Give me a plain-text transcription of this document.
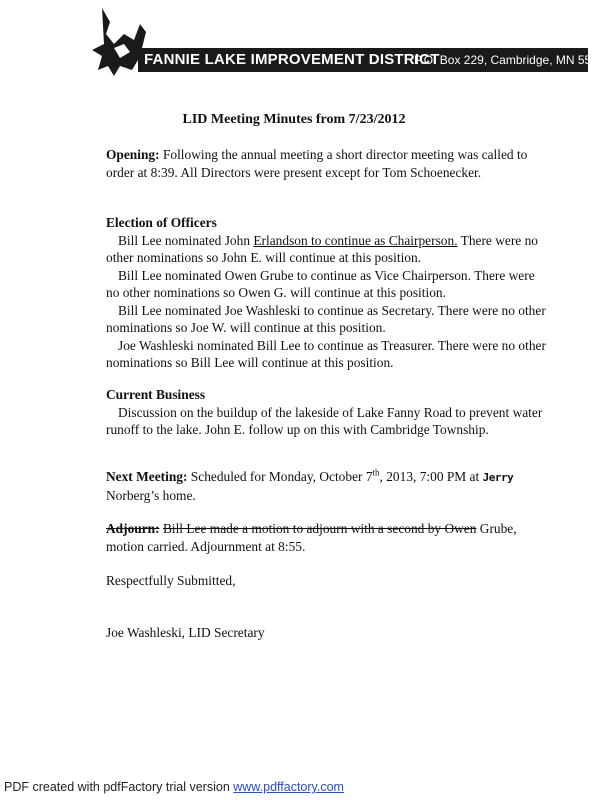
FANNIE LAKE IMPROVEMENT DISTRICT
P.O. Box 229, Cambridge, MN 55008
LID Meeting Minutes from 7/23/2012
Opening: Following the annual meeting a short director meeting was called to order at 8:39. All Directors were present except for Tom Schoenecker.
Election of Officers
Bill Lee nominated John Erlandson to continue as Chairperson. There were no other nominations so John E. will continue at this position.
Bill Lee nominated Owen Grube to continue as Vice Chairperson. There were no other nominations so Owen G. will continue at this position.
Bill Lee nominated Joe Washleski to continue as Secretary. There were no other nominations so Joe W. will continue at this position.
Joe Washleski nominated Bill Lee to continue as Treasurer. There were no other nominations so Bill Lee will continue at this position.
Current Business
Discussion on the buildup of the lakeside of Lake Fanny Road to prevent water runoff to the lake. John E. follow up on this with Cambridge Township.
Next Meeting: Scheduled for Monday, October 7th, 2013, 7:00 PM at Jerry Norberg’s home.
Adjourn: Bill Lee made a motion to adjourn with a second by Owen Grube, motion carried. Adjournment at 8:55.
Respectfully Submitted,
Joe Washleski, LID Secretary
PDF created with pdfFactory trial version www.pdffactory.com
